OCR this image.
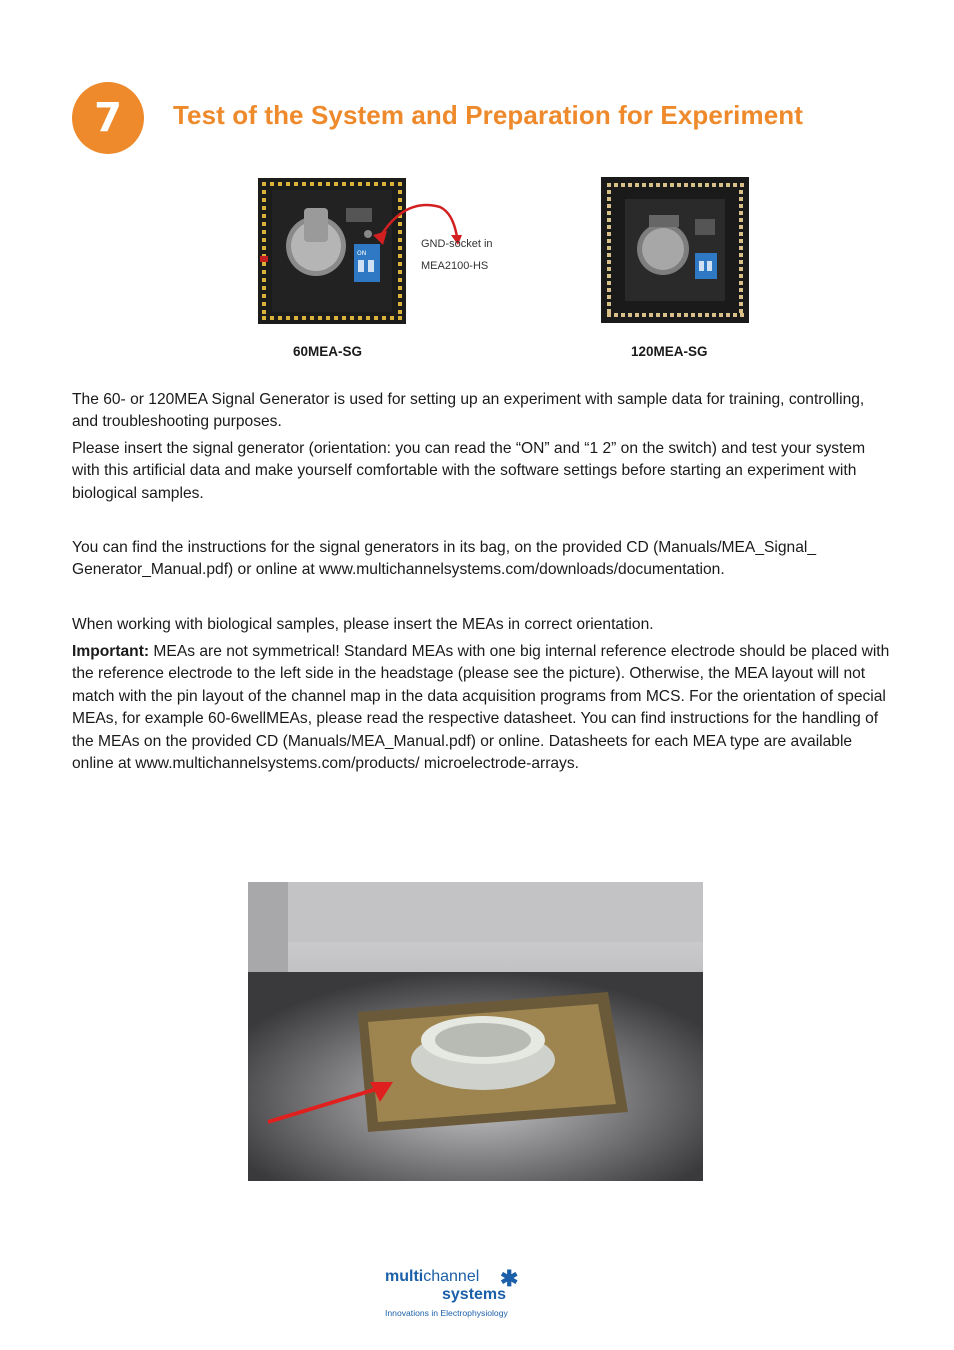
7	Test of the System and Preparation for Experiment
ON
GND-socket in
MEA2100-HS
60MEA-SG	120MEA-SG

The 60- or 120MEA Signal Generator is used for setting up an experiment with sample data for training, controlling, and troubleshooting purposes.

Please insert the signal generator (orientation: you can read the “ON” and “1 2” on the switch) and test your system with this artificial data and make yourself comfortable with the software settings before starting an experiment with biological samples.

You can find the instructions for the signal generators in its bag, on the provided CD (Manuals/MEA_Signal_ Generator_Manual.pdf) or online at www.multichannelsystems.com/downloads/documentation.

When working with biological samples, please insert the MEAs in correct orientation.

Important: MEAs are not symmetrical! Standard MEAs with one big internal reference electrode should be placed with the reference electrode to the left side in the headstage (please see the picture). Otherwise, the MEA layout will not match with the pin layout of the channel map in the data acquisition programs from MCS. For the orientation of special MEAs, for example 60-6wellMEAs, please read the respective datasheet. You can find instructions for the handling of the MEAs on the provided CD (Manuals/MEA_Manual.pdf) or online. Datasheets for each MEA type are available online at www.multichannelsystems.com/products/ microelectrode-arrays.

multichannel
systems
✱
Innovations in Electrophysiology
